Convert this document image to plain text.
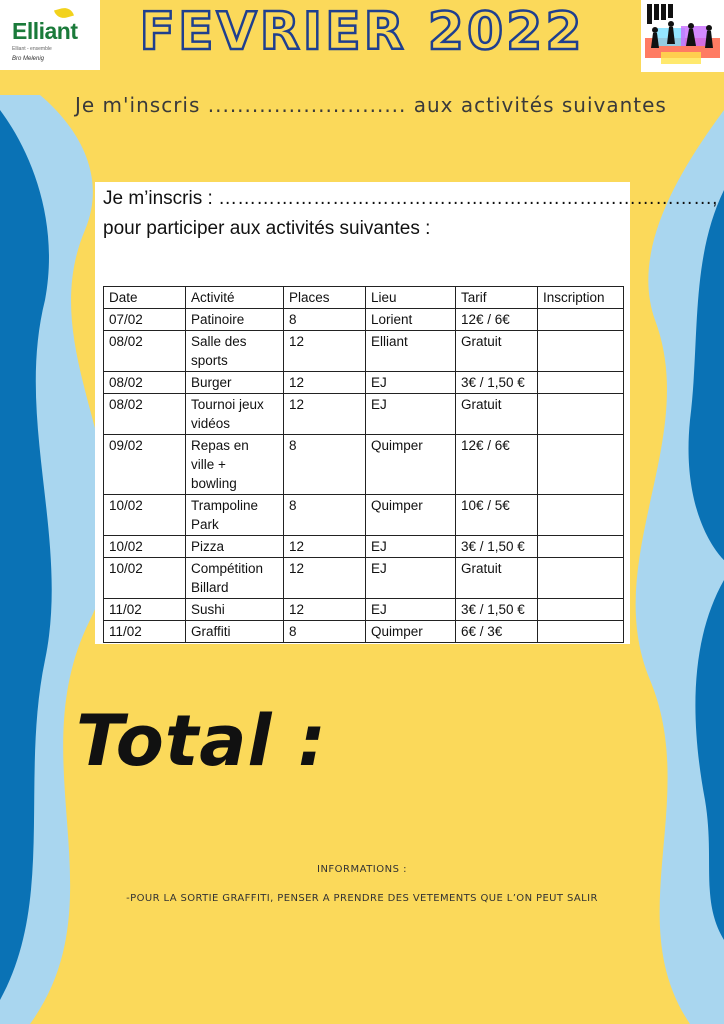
Elliant
Elliant - ensemble
Bro Melenig	FEVRIER 2022
Je m'inscris ........................... aux activités suivantes
Je m’inscris : ……………………………………………………………………,
pour participer aux activités suivantes :
Date	Activité	Places	Lieu	Tarif	Inscription
07/02	Patinoire	8	Lorient	12€ / 6€	
08/02	Salle des
sports	12	Elliant	Gratuit	
08/02	Burger	12	EJ	3€ / 1,50 €	
08/02	Tournoi jeux
vidéos	12	EJ	Gratuit	
09/02	Repas en
ville +
bowling	8	Quimper	12€ / 6€	
10/02	Trampoline
Park	8	Quimper	10€ / 5€	
10/02	Pizza	12	EJ	3€ / 1,50 €	
10/02	Compétition
Billard	12	EJ	Gratuit	
11/02	Sushi	12	EJ	3€ / 1,50 €	
11/02	Graffiti	8	Quimper	6€ / 3€	
Total :
INFORMATIONS :
-POUR LA SORTIE GRAFFITI, PENSER A PRENDRE DES VETEMENTS QUE L’ON PEUT SALIR
